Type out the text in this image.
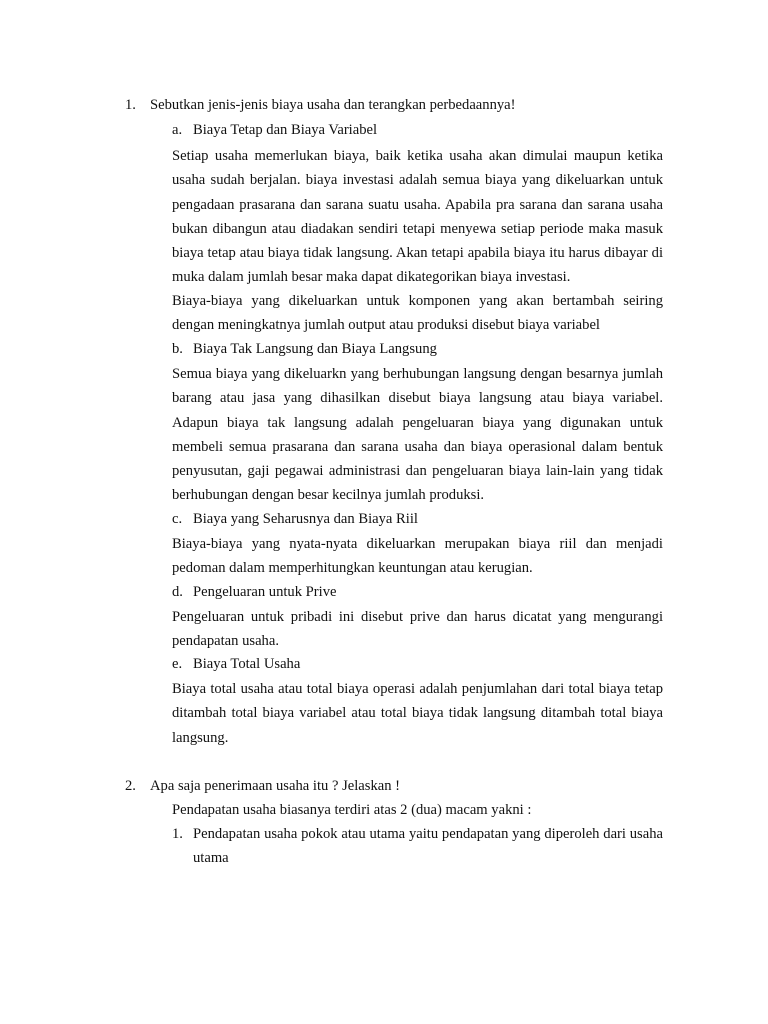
1. Sebutkan jenis-jenis biaya usaha dan terangkan perbedaannya!
a. Biaya Tetap dan Biaya Variabel
Setiap usaha memerlukan biaya, baik ketika usaha akan dimulai maupun ketika usaha sudah berjalan. biaya investasi adalah semua biaya yang dikeluarkan untuk pengadaan prasarana dan sarana suatu usaha. Apabila pra sarana dan sarana usaha bukan dibangun atau diadakan sendiri tetapi menyewa setiap periode maka masuk biaya tetap atau biaya tidak langsung. Akan tetapi apabila biaya itu harus dibayar di muka dalam jumlah besar maka dapat dikategorikan biaya investasi.
Biaya-biaya yang dikeluarkan untuk komponen yang akan bertambah seiring dengan meningkatnya jumlah output atau produksi disebut biaya variabel
b. Biaya Tak Langsung dan Biaya Langsung
Semua biaya yang dikeluarkn yang berhubungan langsung dengan besarnya jumlah barang atau jasa yang dihasilkan disebut biaya langsung atau biaya variabel. Adapun biaya tak langsung adalah pengeluaran biaya yang digunakan untuk membeli semua prasarana dan sarana usaha dan biaya operasional dalam bentuk penyusutan, gaji pegawai administrasi dan pengeluaran biaya lain-lain yang tidak berhubungan dengan besar kecilnya jumlah produksi.
c. Biaya yang Seharusnya dan Biaya Riil
Biaya-biaya yang nyata-nyata dikeluarkan merupakan biaya riil dan menjadi pedoman dalam memperhitungkan keuntungan atau kerugian.
d. Pengeluaran untuk Prive
Pengeluaran untuk pribadi ini disebut prive dan harus dicatat yang mengurangi pendapatan usaha.
e. Biaya Total Usaha
Biaya total usaha atau total biaya operasi adalah penjumlahan dari total biaya tetap ditambah total biaya variabel atau total biaya tidak langsung ditambah total biaya langsung.
2. Apa saja penerimaan usaha itu ? Jelaskan !
Pendapatan usaha biasanya terdiri atas 2 (dua) macam yakni :
1. Pendapatan usaha pokok atau utama yaitu pendapatan yang diperoleh dari usaha utama
